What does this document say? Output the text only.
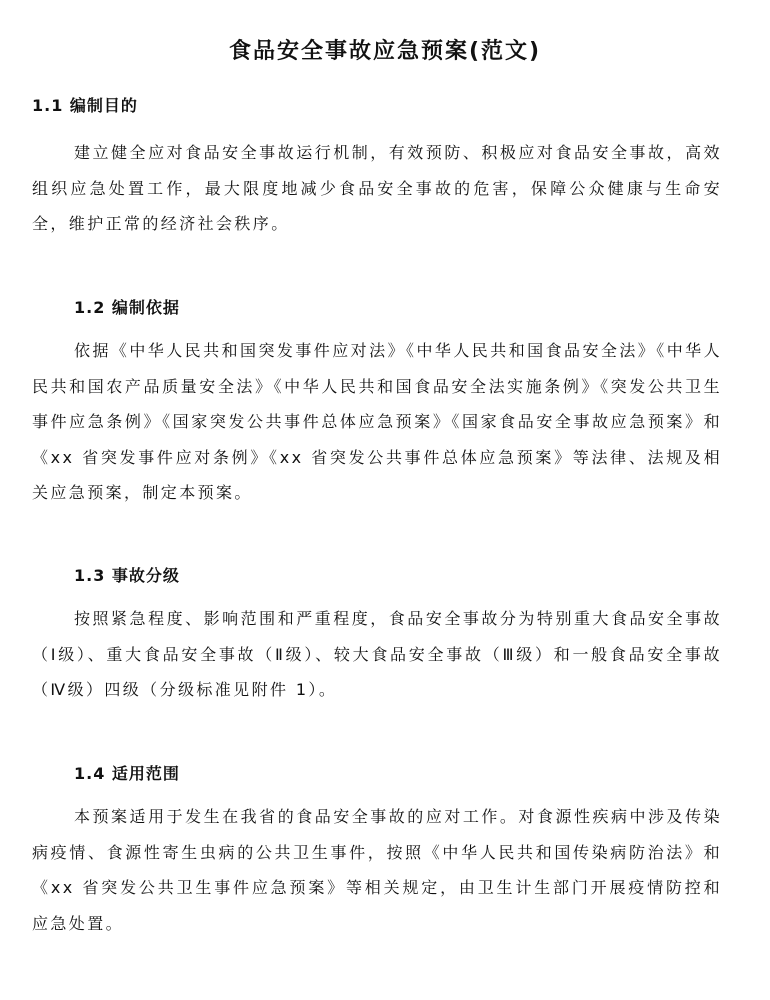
食品安全事故应急预案(范文)
1.1 编制目的

建立健全应对食品安全事故运行机制，有效预防、积极应对食品安全事故，高效组织应急处置工作，最大限度地减少食品安全事故的危害，保障公众健康与生命安全，维护正常的经济社会秩序。

1.2 编制依据

依据《中华人民共和国突发事件应对法》《中华人民共和国食品安全法》《中华人民共和国农产品质量安全法》《中华人民共和国食品安全法实施条例》《突发公共卫生事件应急条例》《国家突发公共事件总体应急预案》《国家食品安全事故应急预案》和《xx 省突发事件应对条例》《xx 省突发公共事件总体应急预案》等法律、法规及相关应急预案，制定本预案。

1.3 事故分级

按照紧急程度、影响范围和严重程度，食品安全事故分为特别重大食品安全事故（Ⅰ级）、重大食品安全事故（Ⅱ级）、较大食品安全事故（Ⅲ级）和一般食品安全事故（Ⅳ级）四级（分级标准见附件 1）。

1.4 适用范围

本预案适用于发生在我省的食品安全事故的应对工作。对食源性疾病中涉及传染病疫情、食源性寄生虫病的公共卫生事件，按照《中华人民共和国传染病防治法》和《xx 省突发公共卫生事件应急预案》等相关规定，由卫生计生部门开展疫情防控和应急处置。
